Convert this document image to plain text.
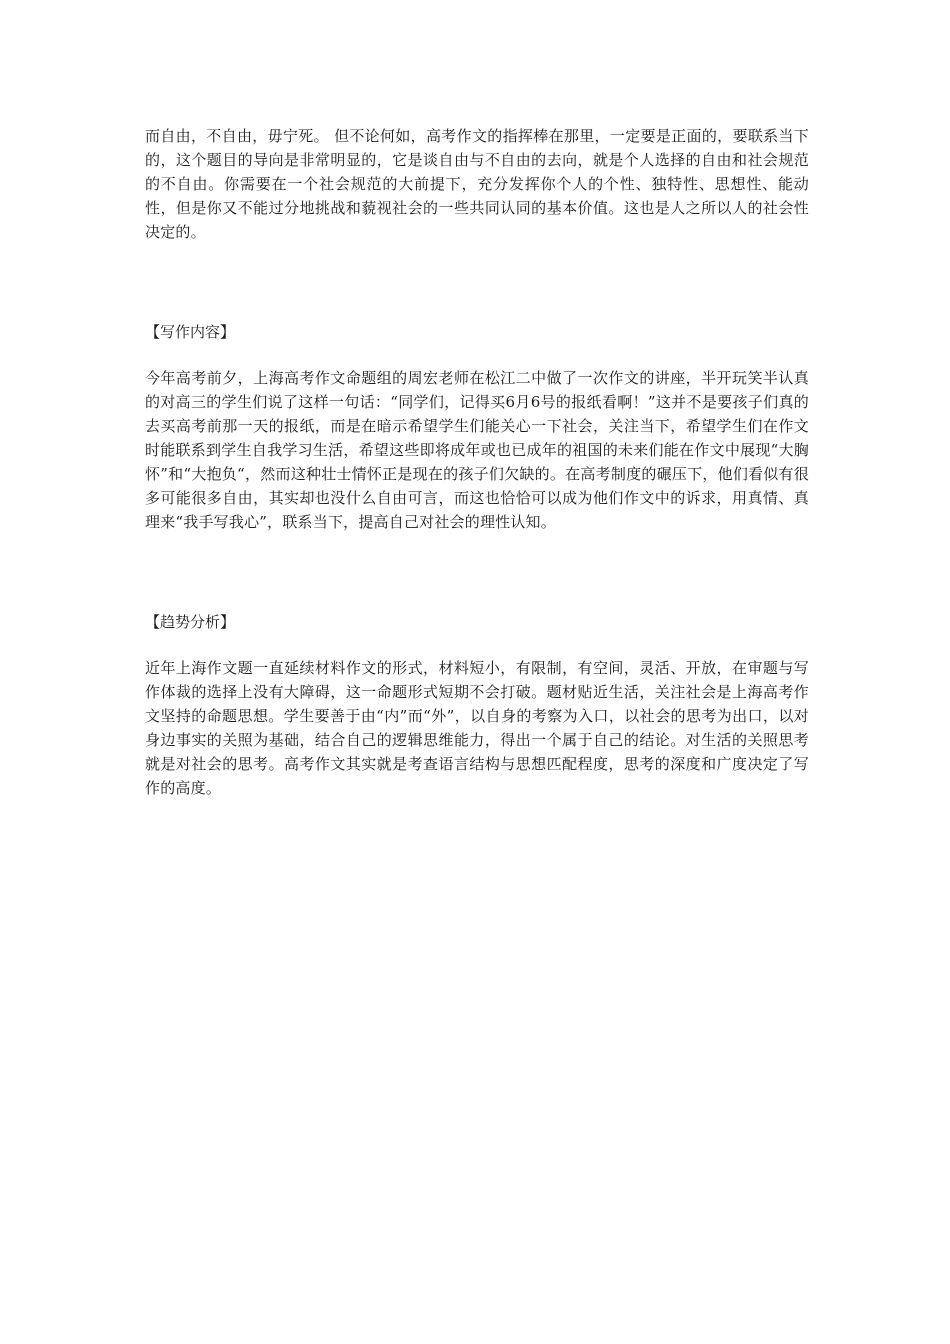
而自由，不自由，毋宁死。 但不论何如，高考作文的指挥棒在那里，一定要是正面的，要联系当下的，这个题目的导向是非常明显的，它是谈自由与不自由的去向，就是个人选择的自由和社会规范的不自由。你需要在一个社会规范的大前提下，充分发挥你个人的个性、独特性、思想性、能动性，但是你又不能过分地挑战和藐视社会的一些共同认同的基本价值。这也是人之所以人的社会性决定的。

【写作内容】

今年高考前夕，上海高考作文命题组的周宏老师在松江二中做了一次作文的讲座，半开玩笑半认真的对高三的学生们说了这样一句话：“同学们，记得买6月6号的报纸看啊！”这并不是要孩子们真的去买高考前那一天的报纸，而是在暗示希望学生们能关心一下社会，关注当下，希望学生们在作文时能联系到学生自我学习生活，希望这些即将成年或也已成年的祖国的未来们能在作文中展现“大胸怀”和“大抱负“，然而这种壮士情怀正是现在的孩子们欠缺的。在高考制度的碾压下，他们看似有很多可能很多自由，其实却也没什么自由可言，而这也恰恰可以成为他们作文中的诉求，用真情、真理来“我手写我心”，联系当下，提高自己对社会的理性认知。

【趋势分析】

近年上海作文题一直延续材料作文的形式，材料短小，有限制，有空间，灵活、开放，在审题与写作体裁的选择上没有大障碍，这一命题形式短期不会打破。题材贴近生活，关注社会是上海高考作文坚持的命题思想。学生要善于由“内”而“外”，以自身的考察为入口，以社会的思考为出口，以对身边事实的关照为基础，结合自己的逻辑思维能力，得出一个属于自己的结论。对生活的关照思考就是对社会的思考。高考作文其实就是考查语言结构与思想匹配程度，思考的深度和广度决定了写作的高度。
